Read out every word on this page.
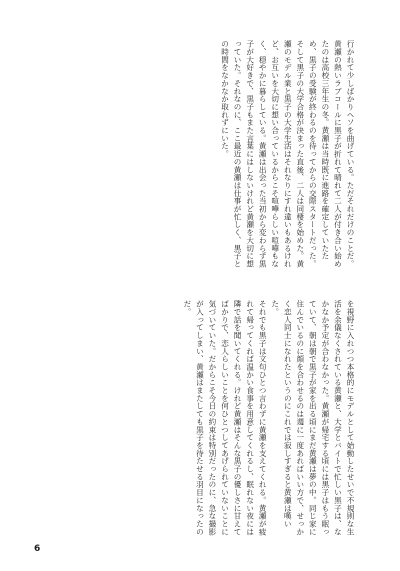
行かれて少しばかりヘソを曲げている。ただそれだけのことだ。

黄瀬の熱いラブコールに黒子が折れて晴れて二人が付き合い始めたのは高校三年生の冬。黄瀬は当時既に進路を確定していたため、黒子の受験が終わるのを待ってからの交際スタートだった。そして黒子の大学合格が決まった直後、二人は同棲を始めた。黄瀬のモデル業と黒子の大学生活はそれなりにすれ違いもあるけれど、お互いを大切に想い合っているからこそ喧嘩らしい喧嘩もなく、穏やかに暮らしている。黄瀬は出会った当初から変わらず黒子が大好きで、黒子もまた言葉にはしないけれど黄瀬を大切に想っていた。それなのに、ここ最近の黄瀬は仕事が忙しく、黒子との時間をなかなか取れずにいた。

を視野に入れつつ本格的にモデルとして始動したせいで不規則な生活を余儀なくされている黄瀬と、大学とバイトで忙しい黒子は、なかなか予定が合わなかった。黄瀬が帰宅する頃には黒子はもう眠っていて、朝は朝で黒子が家を出る頃にまだ黄瀬は夢の中。同じ家に住んでいるのに顔を合わせるのは週に一度あればいい方で、せっかく恋人同士になれたというのにこれでは寂しすぎると黄瀬は嘆いた。

それでも黒子は文句ひとつ言わずに黄瀬を支えてくれる。黄瀬が疲れて帰ってくれば温かい食事を用意してくれるし、眠れない夜には隣で話を聞いてくれる。けれど黄瀬はそんな黒子の優しさに甘えてばかりで、恋人らしいことを何ひとつしてあげられていないことに気づいていた。だからこそ今日の約束は特別だったのに、急な撮影が入ってしまい、黄瀬はまたしても黒子を待たせる羽目になったのだ。

6
